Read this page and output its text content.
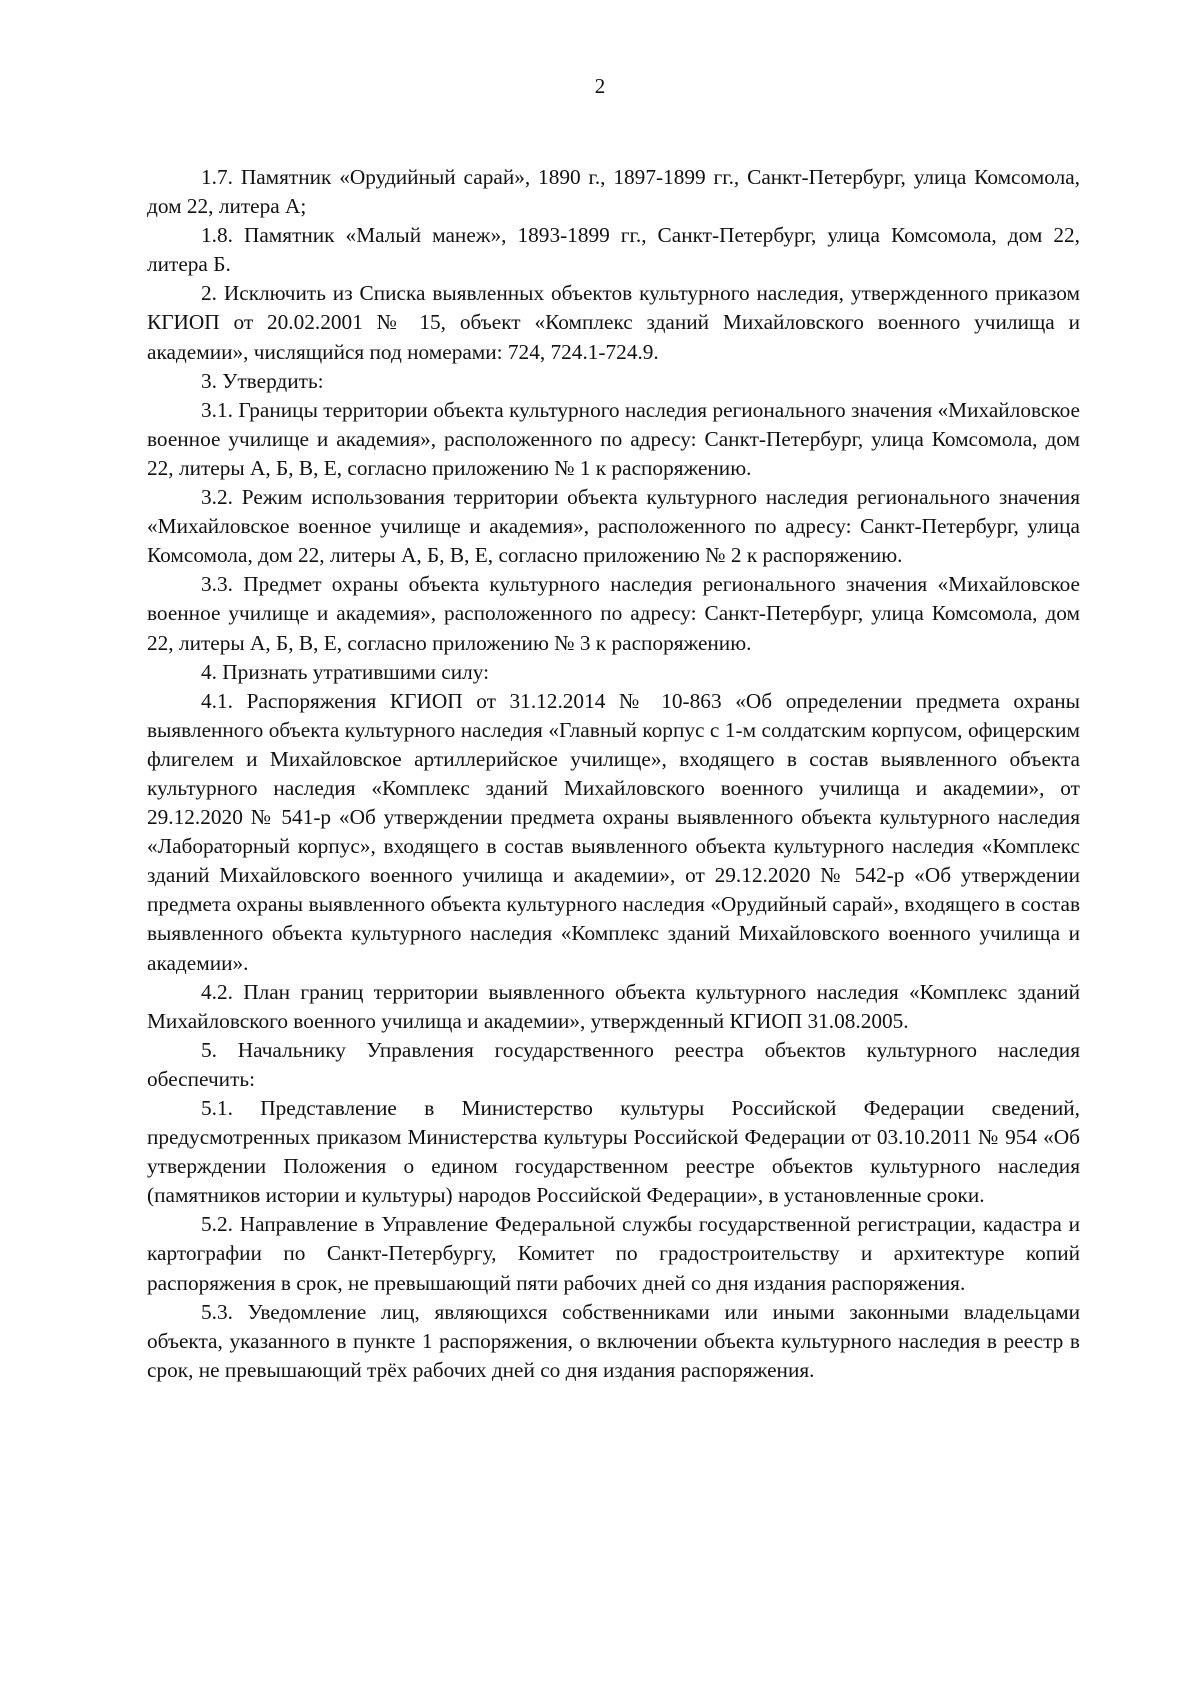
2

1.7. Памятник «Орудийный сарай», 1890 г., 1897-1899 гг., Санкт-Петербург, улица Комсомола, дом 22, литера А;

1.8. Памятник «Малый манеж», 1893-1899 гг., Санкт-Петербург, улица Комсомола, дом 22, литера Б.

2. Исключить из Списка выявленных объектов культурного наследия, утвержденного приказом КГИОП от 20.02.2001 № 15, объект «Комплекс зданий Михайловского военного училища и академии», числящийся под номерами: 724, 724.1-724.9.

3. Утвердить:

3.1. Границы территории объекта культурного наследия регионального значения «Михайловское военное училище и академия», расположенного по адресу: Санкт-Петербург, улица Комсомола, дом 22, литеры А, Б, В, Е, согласно приложению № 1 к распоряжению.

3.2. Режим использования территории объекта культурного наследия регионального значения «Михайловское военное училище и академия», расположенного по адресу: Санкт-Петербург, улица Комсомола, дом 22, литеры А, Б, В, Е, согласно приложению № 2 к распоряжению.

3.3. Предмет охраны объекта культурного наследия регионального значения «Михайловское военное училище и академия», расположенного по адресу: Санкт-Петербург, улица Комсомола, дом 22, литеры А, Б, В, Е, согласно приложению № 3 к распоряжению.

4. Признать утратившими силу:

4.1. Распоряжения КГИОП от 31.12.2014 № 10-863 «Об определении предмета охраны выявленного объекта культурного наследия «Главный корпус с 1-м солдатским корпусом, офицерским флигелем и Михайловское артиллерийское училище», входящего в состав выявленного объекта культурного наследия «Комплекс зданий Михайловского военного училища и академии», от 29.12.2020 № 541-р «Об утверждении предмета охраны выявленного объекта культурного наследия «Лабораторный корпус», входящего в состав выявленного объекта культурного наследия «Комплекс зданий Михайловского военного училища и академии», от 29.12.2020 № 542-р «Об утверждении предмета охраны выявленного объекта культурного наследия «Орудийный сарай», входящего в состав выявленного объекта культурного наследия «Комплекс зданий Михайловского военного училища и академии».

4.2. План границ территории выявленного объекта культурного наследия «Комплекс зданий Михайловского военного училища и академии», утвержденный КГИОП 31.08.2005.

5. Начальнику Управления государственного реестра объектов культурного наследия обеспечить:

5.1. Представление в Министерство культуры Российской Федерации сведений, предусмотренных приказом Министерства культуры Российской Федерации от 03.10.2011 № 954 «Об утверждении Положения о едином государственном реестре объектов культурного наследия (памятников истории и культуры) народов Российской Федерации», в установленные сроки.

5.2. Направление в Управление Федеральной службы государственной регистрации, кадастра и картографии по Санкт-Петербургу, Комитет по градостроительству и архитектуре копий распоряжения в срок, не превышающий пяти рабочих дней со дня издания распоряжения.

5.3. Уведомление лиц, являющихся собственниками или иными законными владельцами объекта, указанного в пункте 1 распоряжения, о включении объекта культурного наследия в реестр в срок, не превышающий трёх рабочих дней со дня издания распоряжения.
